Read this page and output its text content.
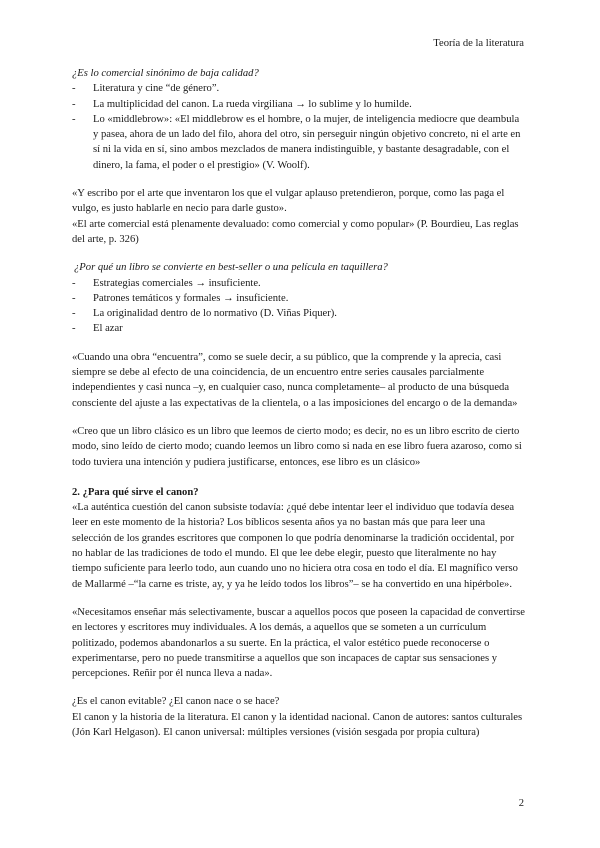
Teoría de la literatura

¿Es lo comercial sinónimo de baja calidad?

- Literatura y cine “de género”.
- La multiplicidad del canon. La rueda virgiliana → lo sublime y lo humilde.
- Lo «middlebrow»: «El middlebrow es el hombre, o la mujer, de inteligencia mediocre que deambula y pasea, ahora de un lado del filo, ahora del otro, sin perseguir ningún objetivo concreto, ni el arte en sí ni la vida en sí, sino ambos mezclados de manera indistinguible, y bastante desagradable, con el dinero, la fama, el poder o el prestigio» (V. Woolf).

«Y escribo por el arte que inventaron los que el vulgar aplauso pretendieron, porque, como las paga el vulgo, es justo hablarle en necio para darle gusto».

«El arte comercial está plenamente devaluado: como comercial y como popular» (P. Bourdieu, Las reglas del arte, p. 326)

¿Por qué un libro se convierte en best-seller o una película en taquillera?

- Estrategias comerciales → insuficiente.
- Patrones temáticos y formales → insuficiente.
- La originalidad dentro de lo normativo (D. Viñas Piquer).
- El azar

«Cuando una obra “encuentra”, como se suele decir, a su público, que la comprende y la aprecia, casi siempre se debe al efecto de una coincidencia, de un encuentro entre series causales parcialmente independientes y casi nunca –y, en cualquier caso, nunca completamente– al producto de una búsqueda consciente del ajuste a las expectativas de la clientela, o a las imposiciones del encargo o de la demanda»

«Creo que un libro clásico es un libro que leemos de cierto modo; es decir, no es un libro escrito de cierto modo, sino leído de cierto modo; cuando leemos un libro como si nada en ese libro fuera azaroso, como si todo tuviera una intención y pudiera justificarse, entonces, ese libro es un clásico»

2. ¿Para qué sirve el canon?

«La auténtica cuestión del canon subsiste todavía: ¿qué debe intentar leer el individuo que todavía desea leer en este momento de la historia? Los bíblicos sesenta años ya no bastan más que para leer una selección de los grandes escritores que componen lo que podría denominarse la tradición occidental, por no hablar de las tradiciones de todo el mundo. El que lee debe elegir, puesto que literalmente no hay tiempo suficiente para leerlo todo, aun cuando uno no hiciera otra cosa en todo el día. El magnífico verso de Mallarmé –“la carne es triste, ay, y ya he leído todos los libros”– se ha convertido en una hipérbole».

«Necesitamos enseñar más selectivamente, buscar a aquellos pocos que poseen la capacidad de convertirse en lectores y escritores muy individuales. A los demás, a aquellos que se someten a un currículum politizado, podemos abandonarlos a su suerte. En la práctica, el valor estético puede reconocerse o experimentarse, pero no puede transmitirse a aquellos que son incapaces de captar sus sensaciones y percepciones. Reñir por él nunca lleva a nada».

¿Es el canon evitable? ¿El canon nace o se hace?

El canon y la historia de la literatura. El canon y la identidad nacional. Canon de autores: santos culturales (Jón Karl Helgason). El canon universal: múltiples versiones (visión sesgada por propia cultura)

2
